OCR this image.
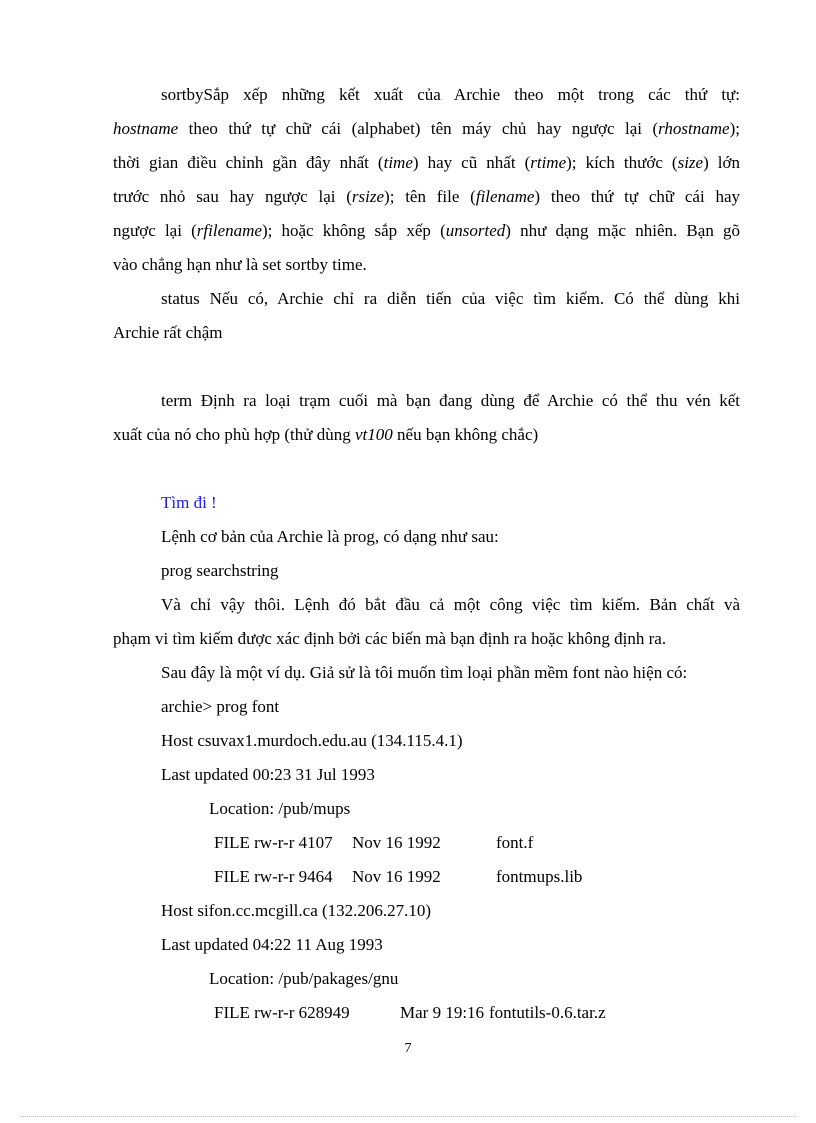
sortbySắp xếp những kết xuất của Archie theo một trong các thứ tự:
hostname theo thứ tự chữ cái (alphabet) tên máy chủ hay ngược lại (rhostname);
thời gian điều chỉnh gần đây nhất (time) hay cũ nhất (rtime); kích thước (size) lớn
trước nhỏ sau hay ngược lại (rsize); tên file (filename) theo thứ tự chữ cái hay
ngược lại (rfilename); hoặc không sắp xếp (unsorted) như dạng mặc nhiên. Bạn gõ
vào chẳng hạn như là set sortby time.
status Nếu có, Archie chỉ ra diễn tiến của việc tìm kiếm. Có thể dùng khi
Archie rất chậm
term Định ra loại trạm cuối mà bạn đang dùng để Archie có thể thu vén kết
xuất của nó cho phù hợp (thử dùng vt100 nếu bạn không chắc)
Tìm đi !
Lệnh cơ bản của Archie là prog, có dạng như sau:
prog searchstring
Và chỉ vậy thôi. Lệnh đó bắt đầu cả một công việc tìm kiếm. Bản chất và
phạm vi tìm kiếm được xác định bởi các biến mà bạn định ra hoặc không định ra.
Sau đây là một ví dụ. Giả sử là tôi muốn tìm loại phần mềm font nào hiện có:
archie> prog font
Host csuvax1.murdoch.edu.au (134.115.4.1)
Last updated 00:23 31 Jul 1993
Location: /pub/mups
FILE rw-r-r 4107 Nov 16 1992	font.f
FILE rw-r-r 9464 Nov 16 1992	fontmups.lib
Host sifon.cc.mcgill.ca (132.206.27.10)
Last updated 04:22 11 Aug 1993
Location: /pub/pakages/gnu
FILE rw-r-r 628949	Mar 9 19:16 fontutils-0.6.tar.z
7
